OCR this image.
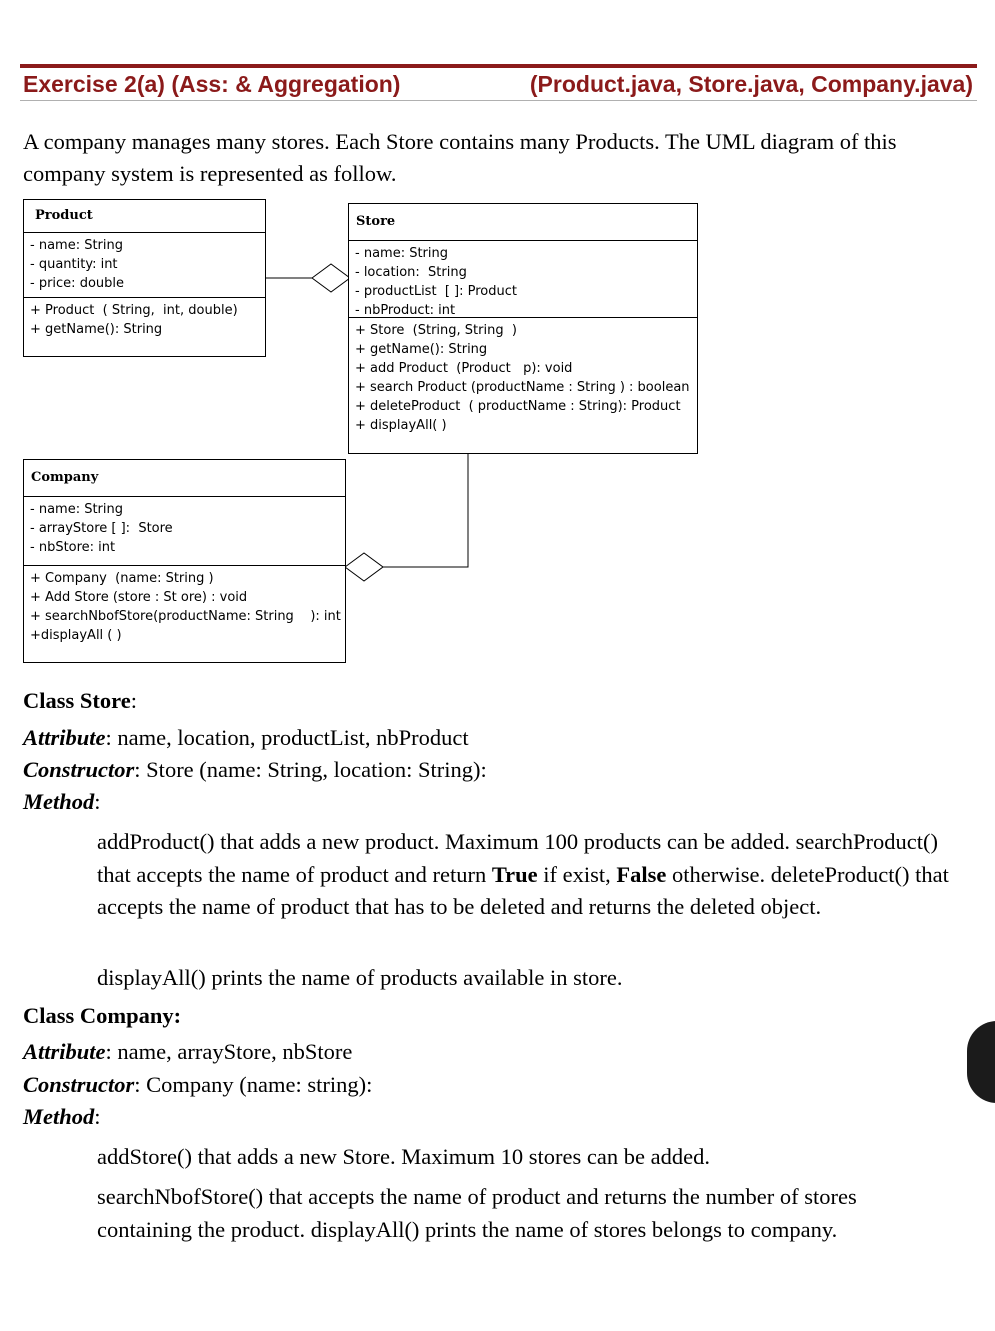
Exercise 2(a) (Ass: & Aggregation)	(Product.java, Store.java, Company.java)
A company manages many stores. Each Store contains many Products. The UML diagram of this company system is represented as follow.
Product
- name: String
- quantity: int
- price: double
+ Product  ( String,  int, double)
+ getName(): String
Store
- name: String
- location:  String
- productList  [ ]: Product
- nbProduct: int
+ Store  (String, String  )
+ getName(): String
+ add Product  (Product   p): void
+ search Product (productName : String ) : boolean
+ deleteProduct  ( productName : String): Product
+ displayAll( )
Company
- name: String
- arrayStore [ ]:  Store
- nbStore: int
+ Company  (name: String )
+ Add Store (store : St ore) : void
+ searchNbofStore(productName: String    ): int
+displayAll ( )
Class Store:
Attribute: name, location, productList, nbProduct
Constructor: Store (name: String, location: String):
Method:
addProduct() that adds a new product. Maximum 100 products can be added. searchProduct() that accepts the name of product and return True if exist, False otherwise. deleteProduct() that accepts the name of product that has to be deleted and returns the deleted object.
displayAll() prints the name of products available in store.
Class Company:
Attribute: name, arrayStore, nbStore
Constructor: Company (name: string):
Method:
addStore() that adds a new Store. Maximum 10 stores can be added.
searchNbofStore() that accepts the name of product and returns the number of stores containing the product. displayAll() prints the name of stores belongs to company.
